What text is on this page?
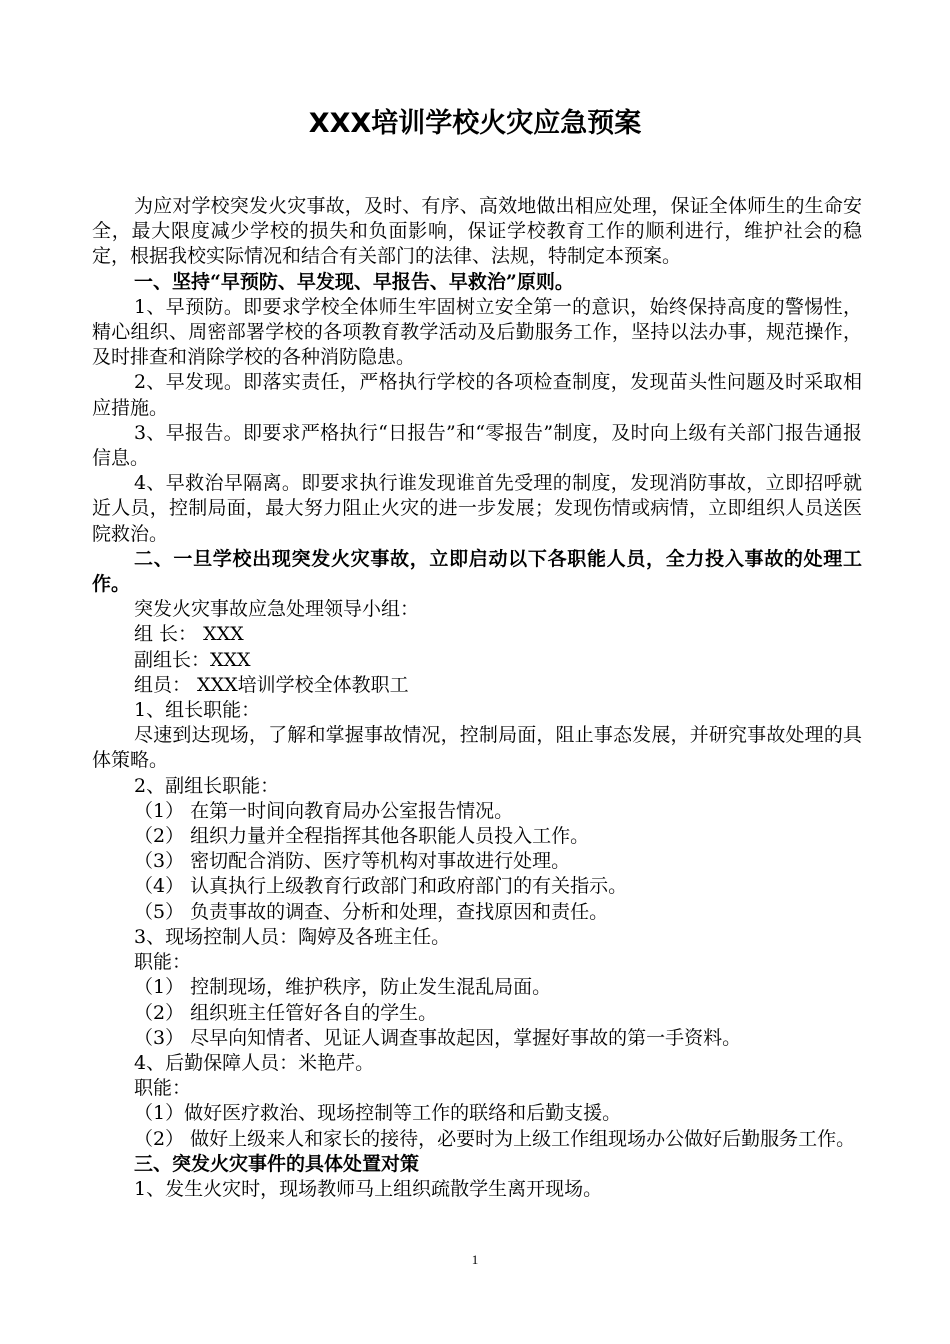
XXX培训学校火灾应急预案

为应对学校突发火灾事故，及时、有序、高效地做出相应处理，保证全体师生的生命安全，最大限度减少学校的损失和负面影响，保证学校教育工作的顺利进行，维护社会的稳定，根据我校实际情况和结合有关部门的法律、法规，特制定本预案。

一、坚持“早预防、早发现、早报告、早救治”原则。

1、早预防。即要求学校全体师生牢固树立安全第一的意识，始终保持高度的警惕性，精心组织、周密部署学校的各项教育教学活动及后勤服务工作，坚持以法办事，规范操作，及时排查和消除学校的各种消防隐患。

2、早发现。即落实责任，严格执行学校的各项检查制度，发现苗头性问题及时采取相应措施。

3、早报告。即要求严格执行“日报告”和“零报告”制度，及时向上级有关部门报告通报信息。

4、早救治早隔离。即要求执行谁发现谁首先受理的制度，发现消防事故，立即招呼就近人员，控制局面，最大努力阻止火灾的进一步发展；发现伤情或病情，立即组织人员送医院救治。

二、一旦学校出现突发火灾事故，立即启动以下各职能人员，全力投入事故的处理工作。

突发火灾事故应急处理领导小组：

组 长： XXX

副组长：XXX

组员： XXX培训学校全体教职工

1、组长职能：

尽速到达现场，了解和掌握事故情况，控制局面，阻止事态发展，并研究事故处理的具体策略。

2、副组长职能：

（1） 在第一时间向教育局办公室报告情况。

（2） 组织力量并全程指挥其他各职能人员投入工作。

（3） 密切配合消防、医疗等机构对事故进行处理。

（4） 认真执行上级教育行政部门和政府部门的有关指示。

（5） 负责事故的调查、分析和处理，查找原因和责任。

3、现场控制人员：陶婷及各班主任。

职能：

（1） 控制现场，维护秩序，防止发生混乱局面。

（2） 组织班主任管好各自的学生。

（3） 尽早向知情者、见证人调查事故起因，掌握好事故的第一手资料。

4、后勤保障人员：米艳芹。

职能：

（1）做好医疗救治、现场控制等工作的联络和后勤支援。

（2） 做好上级来人和家长的接待，必要时为上级工作组现场办公做好后勤服务工作。

三、突发火灾事件的具体处置对策

1、发生火灾时，现场教师马上组织疏散学生离开现场。

1
